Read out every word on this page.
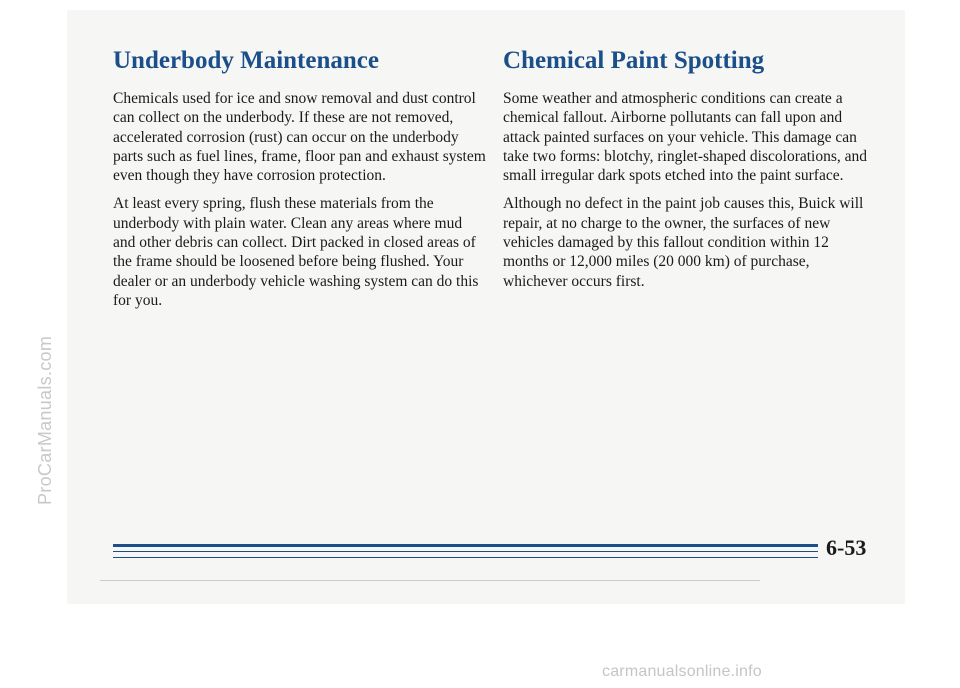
ProCarManuals.com
Underbody Maintenance

Chemicals used for ice and snow removal and dust control can collect on the underbody. If these are not removed, accelerated corrosion (rust) can occur on the underbody parts such as fuel lines, frame, floor pan and exhaust system even though they have corrosion protection.

At least every spring, flush these materials from the underbody with plain water. Clean any areas where mud and other debris can collect. Dirt packed in closed areas of the frame should be loosened before being flushed. Your dealer or an underbody vehicle washing system can do this for you.

Chemical Paint Spotting

Some weather and atmospheric conditions can create a chemical fallout. Airborne pollutants can fall upon and attack painted surfaces on your vehicle. This damage can take two forms: blotchy, ringlet-shaped discolorations, and small irregular dark spots etched into the paint surface.

Although no defect in the paint job causes this, Buick will repair, at no charge to the owner, the surfaces of new vehicles damaged by this fallout condition within 12 months or 12,000 miles (20 000 km) of purchase, whichever occurs first.

6-53
carmanualsonline.info
